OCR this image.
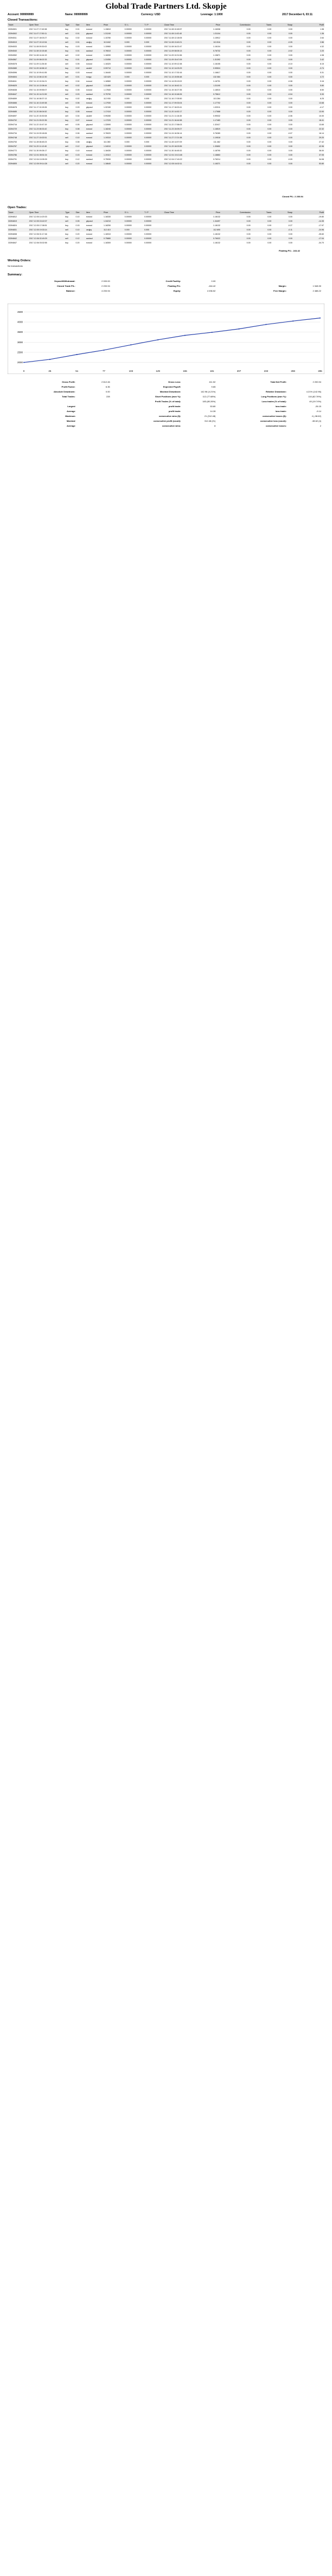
Global Trade Partners Ltd. Skopje
Account: 999999999	Name: 999999999	Currency: USD	Leverage: 1:1000	2017 December 6, 03:11
Closed Transactions:
Ticket	Open Time	Type	Size	Item	Price	S / L	T / P	Close Time	Price	Commission	Taxes	Swap	Profit
33394501	2017.11.07 17:49:38	buy	0.01	eurusd	1.15810	0.00000	0.00000	2017.11.08 10:45:57	1.16008	0.00	0.00	0.00	1.98
33394502	2017.11.07 17:50:11	sell	0.01	gbpusd	1.31240	0.00000	0.00000	2017.11.08 11:02:40	1.31104	0.00	0.00	0.00	1.36
33394511	2017.11.07 18:03:27	buy	0.02	eurusd	1.15780	0.00000	0.00000	2017.11.08 12:18:05	1.15912	0.00	0.00	0.00	2.64
33394519	2017.11.07 19:12:54	sell	0.01	usdjpy	113.842	0.000	0.000	2017.11.08 13:40:21	113.516	0.00	0.00	-0.05	2.86
33394533	2017.11.08 09:30:02	buy	0.03	eurusd	1.15960	0.00000	0.00000	2017.11.08 16:22:47	1.16104	0.00	0.00	0.00	4.32
33394540	2017.11.08 10:15:48	buy	0.01	audusd	0.76510	0.00000	0.00000	2017.11.09 08:05:13	0.76732	0.00	0.00	-0.02	2.20
33394552	2017.11.08 14:44:19	sell	0.02	eurusd	1.16090	0.00000	0.00000	2017.11.09 10:31:56	1.15871	0.00	0.00	0.00	4.38
33394567	2017.11.09 08:02:33	buy	0.01	gbpusd	1.31050	0.00000	0.00000	2017.11.09 15:47:09	1.31392	0.00	0.00	0.00	3.42
33394578	2017.11.09 11:26:40	sell	0.05	eurusd	1.16320	0.00000	0.00000	2017.11.10 09:12:38	1.16155	0.00	0.00	-0.10	8.15
33394589	2017.11.09 16:58:12	buy	0.02	usdchf	0.99710	0.00000	0.00000	2017.11.10 14:03:29	0.99524	0.00	0.00	0.00	-3.74
33394596	2017.11.10 09:41:55	buy	0.03	eurusd	1.16440	0.00000	0.00000	2017.11.10 17:30:16	1.16617	0.00	0.00	0.00	5.31
33394604	2017.11.13 08:12:30	sell	0.01	eurjpy	132.620	0.000	0.000	2017.11.13 15:55:48	132.084	0.00	0.00	0.00	4.72
33394611	2017.11.13 10:34:21	buy	0.04	eurusd	1.16560	0.00000	0.00000	2017.11.14 09:19:02	1.16791	0.00	0.00	-0.08	9.16
33394625	2017.11.14 12:08:44	sell	0.02	gbpusd	1.31480	0.00000	0.00000	2017.11.14 18:42:11	1.31190	0.00	0.00	0.00	5.80
33394638	2017.11.15 09:55:07	buy	0.05	eurusd	1.17840	0.00000	0.00000	2017.11.15 16:27:35	1.18010	0.00	0.00	0.00	8.50
33394647	2017.11.15 14:21:59	sell	0.03	audusd	0.75790	0.00000	0.00000	2017.11.16 10:48:26	0.75612	0.00	0.00	-0.04	5.30
33394659	2017.11.16 08:37:13	buy	0.02	usdjpy	112.930	0.000	0.000	2017.11.16 17:05:50	113.284	0.00	0.00	0.00	6.25
33394666	2017.11.16 13:49:38	sell	0.06	eurusd	1.17930	0.00000	0.00000	2017.11.17 09:33:04	1.17702	0.00	0.00	0.00	13.68
33394678	2017.11.17 10:15:26	buy	0.03	gbpusd	1.32150	0.00000	0.00000	2017.11.17 18:20:41	1.32011	0.00	0.00	0.00	-4.17
33394685	2017.11.20 08:04:52	buy	0.05	eurusd	1.17410	0.00000	0.00000	2017.11.20 14:52:17	1.17688	0.00	0.00	0.00	13.90
33394697	2017.11.20 15:30:08	sell	0.04	usdchf	0.99280	0.00000	0.00000	2017.11.21 11:16:45	0.99032	0.00	0.00	-0.06	10.00
33394702	2017.11.21 09:22:35	buy	0.07	eurusd	1.17220	0.00000	0.00000	2017.11.21 16:44:58	1.17483	0.00	0.00	0.00	18.41
33394716	2017.11.22 10:47:19	sell	0.05	gbpusd	1.32690	0.00000	0.00000	2017.11.22 17:58:03	1.32417	0.00	0.00	0.00	13.65
33394729	2017.11.23 08:33:42	buy	0.08	eurusd	1.18240	0.00000	0.00000	2017.11.23 15:09:27	1.18519	0.00	0.00	0.00	22.32
33394734	2017.11.24 09:18:06	buy	0.06	audusd	0.76020	0.00000	0.00000	2017.11.24 16:36:14	0.76289	0.00	0.00	-0.07	16.14
33394748	2017.11.27 10:02:51	sell	0.10	eurusd	1.19310	0.00000	0.00000	2017.11.27 17:21:38	1.19018	0.00	0.00	0.00	29.20
33394753	2017.11.28 08:45:23	buy	0.08	usdjpy	111.080	0.000	0.000	2017.11.28 14:57:09	111.462	0.00	0.00	0.00	27.42
33394767	2017.11.29 11:12:40	sell	0.12	gbpusd	1.34010	0.00000	0.00000	2017.11.29 18:03:55	1.33652	0.00	0.00	0.00	42.96
33394772	2017.11.30 09:28:17	buy	0.10	eurusd	1.18430	0.00000	0.00000	2017.11.30 16:45:32	1.18790	0.00	0.00	0.00	36.00
33394786	2017.12.01 08:51:04	sell	0.15	eurusd	1.19110	0.00000	0.00000	2017.12.01 15:13:48	1.18863	0.00	0.00	0.00	37.05
33394791	2017.12.04 10:05:39	buy	0.12	audusd	0.75930	0.00000	0.00000	2017.12.04 17:40:22	0.76214	0.00	0.00	-0.09	34.08
33394805	2017.12.05 09:14:28	sell	0.20	eurusd	1.18640	0.00000	0.00000	2017.12.05 16:02:11	1.18371	0.00	0.00	0.00	53.80
Closed P/L: 2 200.94
Open Trades:
Ticket	Open Time	Type	Size	Item	Price	S / L	T / P	Close Time	Price	Commission	Taxes	Swap	Profit
33394812	2017.12.05 14:20:33	buy	0.10	eurusd	1.18330	0.00000	0.00000		1.18132	0.00	0.00	0.00	-19.80
33394819	2017.12.05 15:42:07	sell	0.05	gbpusd	1.34210	0.00000	0.00000		1.34497	0.00	0.00	0.00	-14.35
33394824	2017.12.05 17:08:51	buy	0.15	eurusd	1.18250	0.00000	0.00000		1.18132	0.00	0.00	-0.27	-17.97
33394831	2017.12.05 19:33:14	sell	0.10	usdjpy	112.410	0.000	0.000		112.690	0.00	0.00	-0.11	-24.96
33394838	2017.12.06 01:17:46	buy	0.20	eurusd	1.18310	0.00000	0.00000		1.18132	0.00	0.00	0.00	-35.60
33394842	2017.12.06 02:49:29	sell	0.12	audusd	0.75880	0.00000	0.00000		0.76022	0.00	0.00	0.00	-17.04
33394847	2017.12.06 03:02:55	buy	0.20	eurusd	1.18300	0.00000	0.00000		1.18132	0.00	0.00	0.00	-34.70
Floating P/L: -164.42
Working Orders:
No transactions
Summary:
Deposit/Withdrawal:	2 000.00	Credit Facility:	0.00
Closed Trade P/L:	2 200.94	Floating P/L:	-164.42	Margin:	1 548.30
Balance:	4 200.94	Equity:	4 036.52	Free Margin:	2 488.22
2000
2500
3000
3500
4000
4500
0	25	51	77	103	129	155	181	207	233	259	285
Gross Profit:	2 612.46	Gross Loss:	411.52	Total Net Profit:	2 200.94
Profit Factor:	6.35	Expected Payoff:	9.65
Absolute Drawdown:	0.00	Maximal Drawdown:	142.96 (4.21%)	Relative Drawdown:	4.21% (142.96)
Total Trades:	228	Short Positions (won %):	112 (77.68%)	Long Positions (won %):	116 (82.76%)
Profit Trades (% of total):	183 (80.26%)	Loss trades (% of total):	45 (19.74%)
Largest	profit trade:	53.80	loss trade:	-26.15
Average	profit trade:	14.28	loss trade:	-9.14
Maximum	consecutive wins ($):	21 (312.48)	consecutive losses ($):	4 (-38.62)
Maximal	consecutive profit (count):	312.48 (21)	consecutive loss (count):	-38.62 (4)
Average	consecutive wins:	8	consecutive losses:	2
